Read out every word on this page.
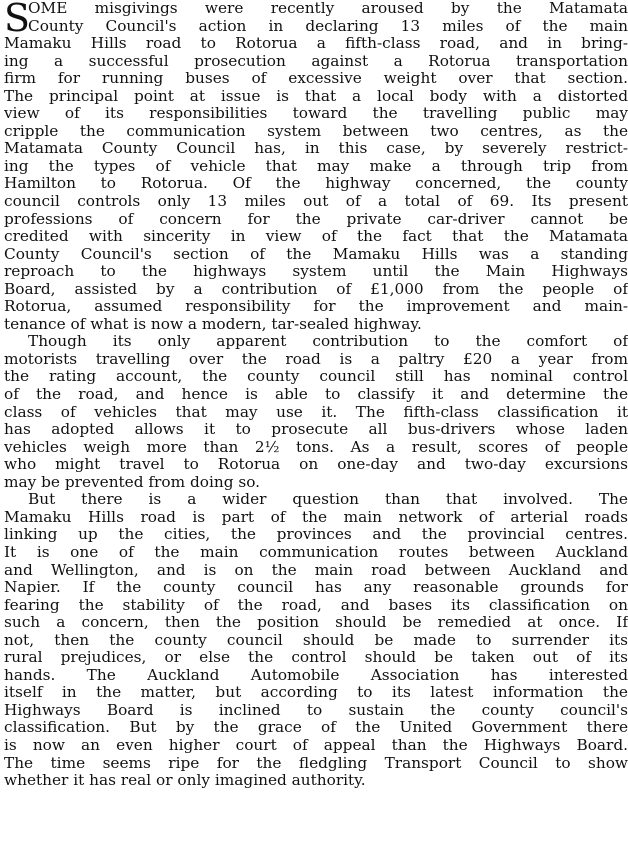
S
OME misgivings were recently aroused by the Matamata
County Council's action in declaring 13 miles of the main
Mamaku Hills road to Rotorua a fifth-class road, and in bring-
ing a successful prosecution against a Rotorua transportation
firm for running buses of excessive weight over that section.
The principal point at issue is that a local body with a distorted
view of its responsibilities toward the travelling public may
cripple the communication system between two centres, as the
Matamata County Council has, in this case, by severely restrict-
ing the types of vehicle that may make a through trip from
Hamilton to Rotorua. Of the highway concerned, the county
council controls only 13 miles out of a total of 69. Its present
professions of concern for the private car-driver cannot be
credited with sincerity in view of the fact that the Matamata
County Council's section of the Mamaku Hills was a standing
reproach to the highways system until the Main Highways
Board, assisted by a contribution of £1,000 from the people of
Rotorua, assumed responsibility for the improvement and main-
tenance of what is now a modern, tar-sealed highway.
Though its only apparent contribution to the comfort of
motorists travelling over the road is a paltry £20 a year from
the rating account, the county council still has nominal control
of the road, and hence is able to classify it and determine the
class of vehicles that may use it. The fifth-class classification it
has adopted allows it to prosecute all bus-drivers whose laden
vehicles weigh more than 2½ tons. As a result, scores of people
who might travel to Rotorua on one-day and two-day excursions
may be prevented from doing so.
But there is a wider question than that involved. The
Mamaku Hills road is part of the main network of arterial roads
linking up the cities, the provinces and the provincial centres.
It is one of the main communication routes between Auckland
and Wellington, and is on the main road between Auckland and
Napier. If the county council has any reasonable grounds for
fearing the stability of the road, and bases its classification on
such a concern, then the position should be remedied at once. If
not, then the county council should be made to surrender its
rural prejudices, or else the control should be taken out of its
hands. The Auckland Automobile Association has interested
itself in the matter, but according to its latest information the
Highways Board is inclined to sustain the county council's
classification. But by the grace of the United Government there
is now an even higher court of appeal than the Highways Board.
The time seems ripe for the fledgling Transport Council to show
whether it has real or only imagined authority.
